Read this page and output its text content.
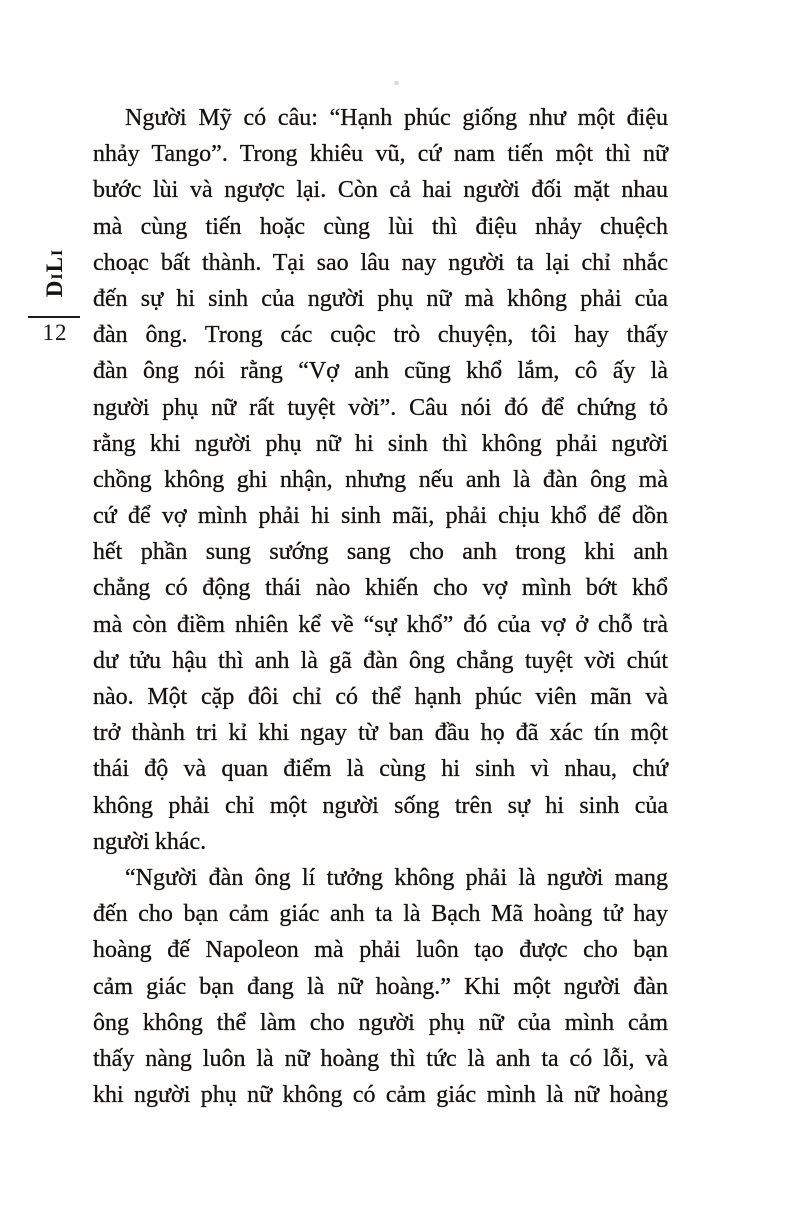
DiLi
12
Người Mỹ có câu: “Hạnh phúc giống như một điệu
nhảy Tango”. Trong khiêu vũ, cứ nam tiến một thì nữ
bước lùi và ngược lại. Còn cả hai người đối mặt nhau
mà cùng tiến hoặc cùng lùi thì điệu nhảy chuệch
choạc bất thành. Tại sao lâu nay người ta lại chỉ nhắc
đến sự hi sinh của người phụ nữ mà không phải của
đàn ông. Trong các cuộc trò chuyện, tôi hay thấy
đàn ông nói rằng “Vợ anh cũng khổ lắm, cô ấy là
người phụ nữ rất tuyệt vời”. Câu nói đó để chứng tỏ
rằng khi người phụ nữ hi sinh thì không phải người
chồng không ghi nhận, nhưng nếu anh là đàn ông mà
cứ để vợ mình phải hi sinh mãi, phải chịu khổ để dồn
hết phần sung sướng sang cho anh trong khi anh
chẳng có động thái nào khiến cho vợ mình bớt khổ
mà còn điềm nhiên kể về “sự khổ” đó của vợ ở chỗ trà
dư tửu hậu thì anh là gã đàn ông chẳng tuyệt vời chút
nào. Một cặp đôi chỉ có thể hạnh phúc viên mãn và
trở thành tri kỉ khi ngay từ ban đầu họ đã xác tín một
thái độ và quan điểm là cùng hi sinh vì nhau, chứ
không phải chỉ một người sống trên sự hi sinh của
người khác.
“Người đàn ông lí tưởng không phải là người mang
đến cho bạn cảm giác anh ta là Bạch Mã hoàng tử hay
hoàng đế Napoleon mà phải luôn tạo được cho bạn
cảm giác bạn đang là nữ hoàng.” Khi một người đàn
ông không thể làm cho người phụ nữ của mình cảm
thấy nàng luôn là nữ hoàng thì tức là anh ta có lỗi, và
khi người phụ nữ không có cảm giác mình là nữ hoàng
